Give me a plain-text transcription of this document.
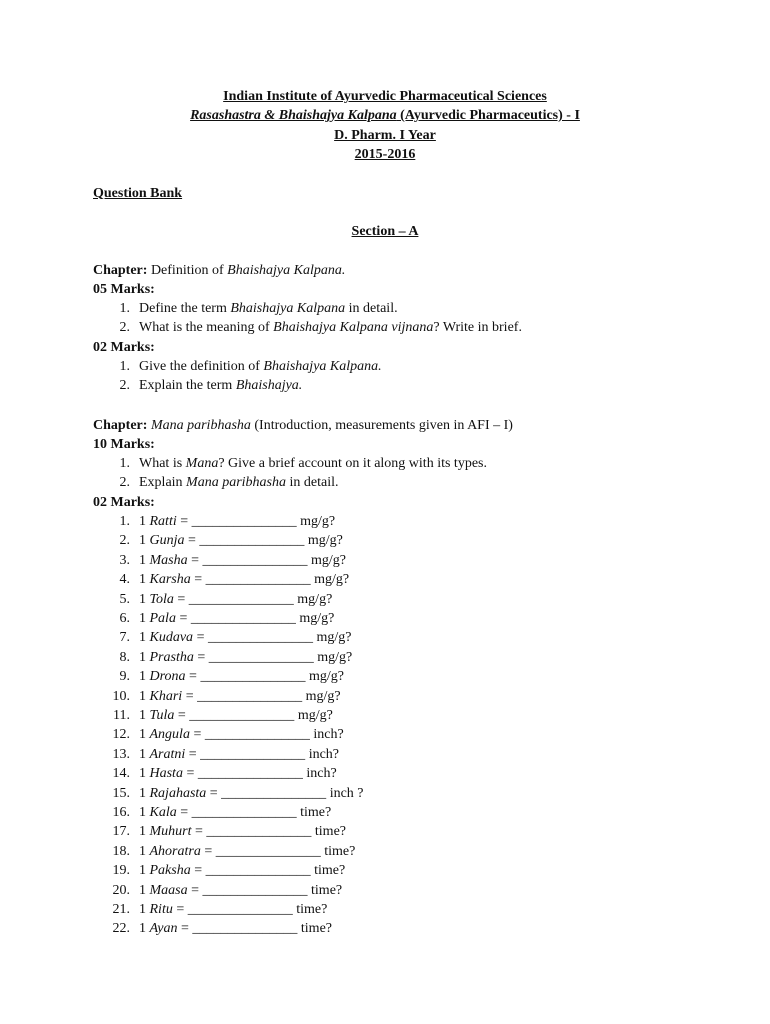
Indian Institute of Ayurvedic Pharmaceutical Sciences
Rasashastra & Bhaishajya Kalpana (Ayurvedic Pharmaceutics) - I
D. Pharm. I Year
2015-2016
Question Bank
Section – A
Chapter: Definition of Bhaishajya Kalpana.
05 Marks:
1. Define the term Bhaishajya Kalpana in detail.
2. What is the meaning of Bhaishajya Kalpana vijnana? Write in brief.
02 Marks:
1. Give the definition of Bhaishajya Kalpana.
2. Explain the term Bhaishajya.
Chapter: Mana paribhasha (Introduction, measurements given in AFI – I)
10 Marks:
1. What is Mana? Give a brief account on it along with its types.
2. Explain Mana paribhasha in detail.
02 Marks:
1. 1 Ratti = _______________ mg/g?
2. 1 Gunja = _______________ mg/g?
3. 1 Masha = _______________ mg/g?
4. 1 Karsha = _______________ mg/g?
5. 1 Tola = _______________ mg/g?
6. 1 Pala = _______________ mg/g?
7. 1 Kudava = _______________ mg/g?
8. 1 Prastha = _______________ mg/g?
9. 1 Drona = _______________ mg/g?
10. 1 Khari = _______________ mg/g?
11. 1 Tula = _______________ mg/g?
12. 1 Angula = _______________ inch?
13. 1 Aratni = _______________ inch?
14. 1 Hasta = _______________ inch?
15. 1 Rajahasta = _______________ inch ?
16. 1 Kala = _______________ time?
17. 1 Muhurt = _______________ time?
18. 1 Ahoratra = _______________ time?
19. 1 Paksha = _______________ time?
20. 1 Maasa = _______________ time?
21. 1 Ritu = _______________ time?
22. 1 Ayan = _______________ time?
